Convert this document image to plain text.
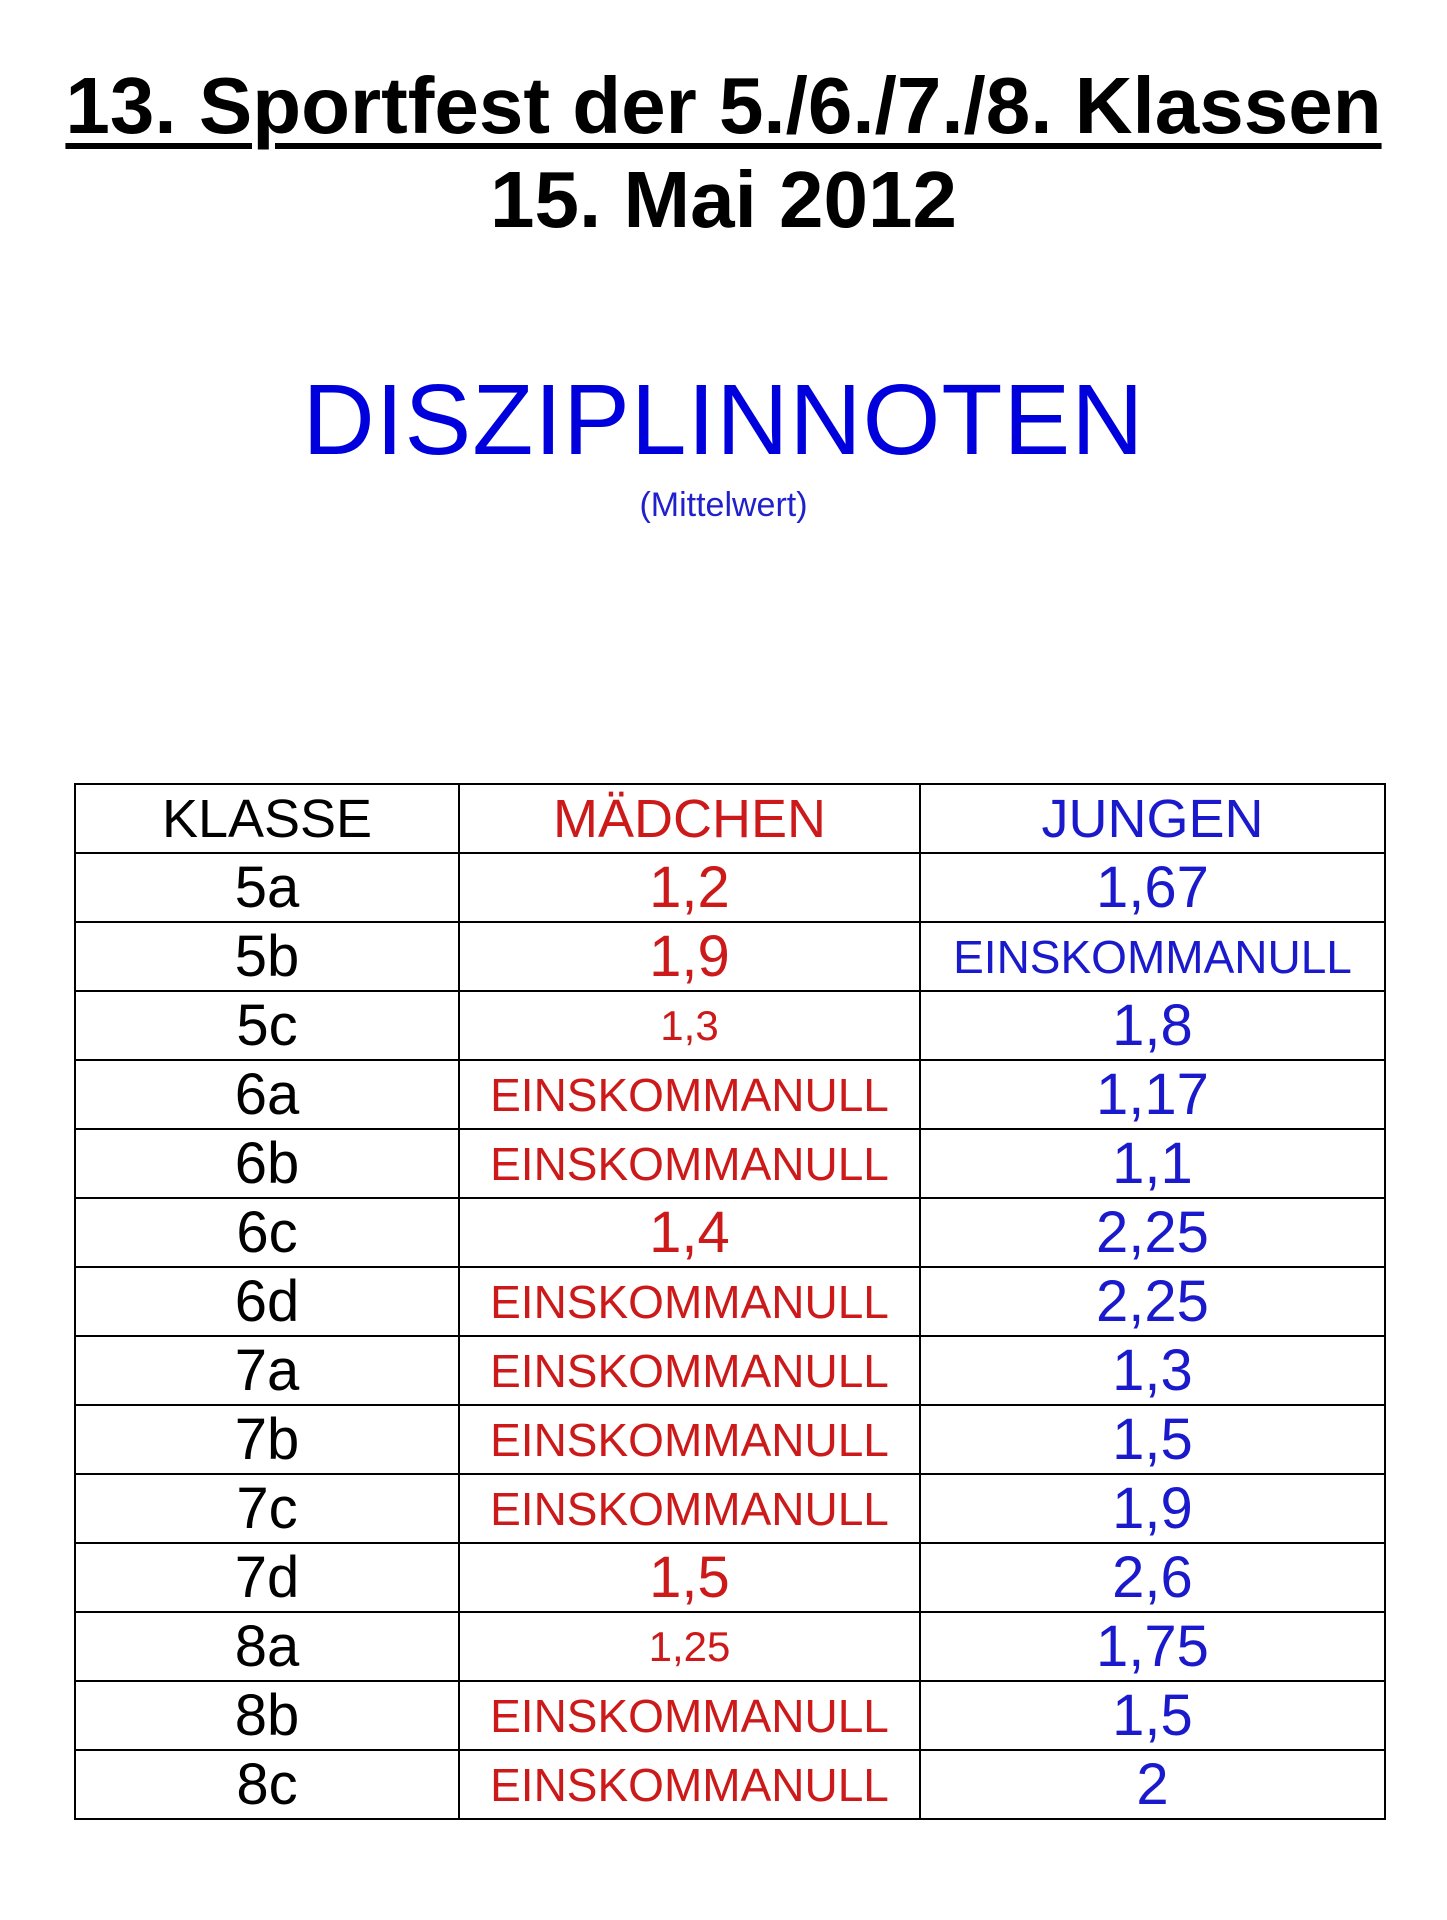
13. Sportfest der 5./6./7./8. Klassen
15. Mai 2012
DISZIPLINNOTEN
(Mittelwert)
KLASSE	MÄDCHEN	JUNGEN
5a	1,2	1,67
5b	1,9	EINSKOMMANULL
5c	1,3	1,8
6a	EINSKOMMANULL	1,17
6b	EINSKOMMANULL	1,1
6c	1,4	2,25
6d	EINSKOMMANULL	2,25
7a	EINSKOMMANULL	1,3
7b	EINSKOMMANULL	1,5
7c	EINSKOMMANULL	1,9
7d	1,5	2,6
8a	1,25	1,75
8b	EINSKOMMANULL	1,5
8c	EINSKOMMANULL	2
